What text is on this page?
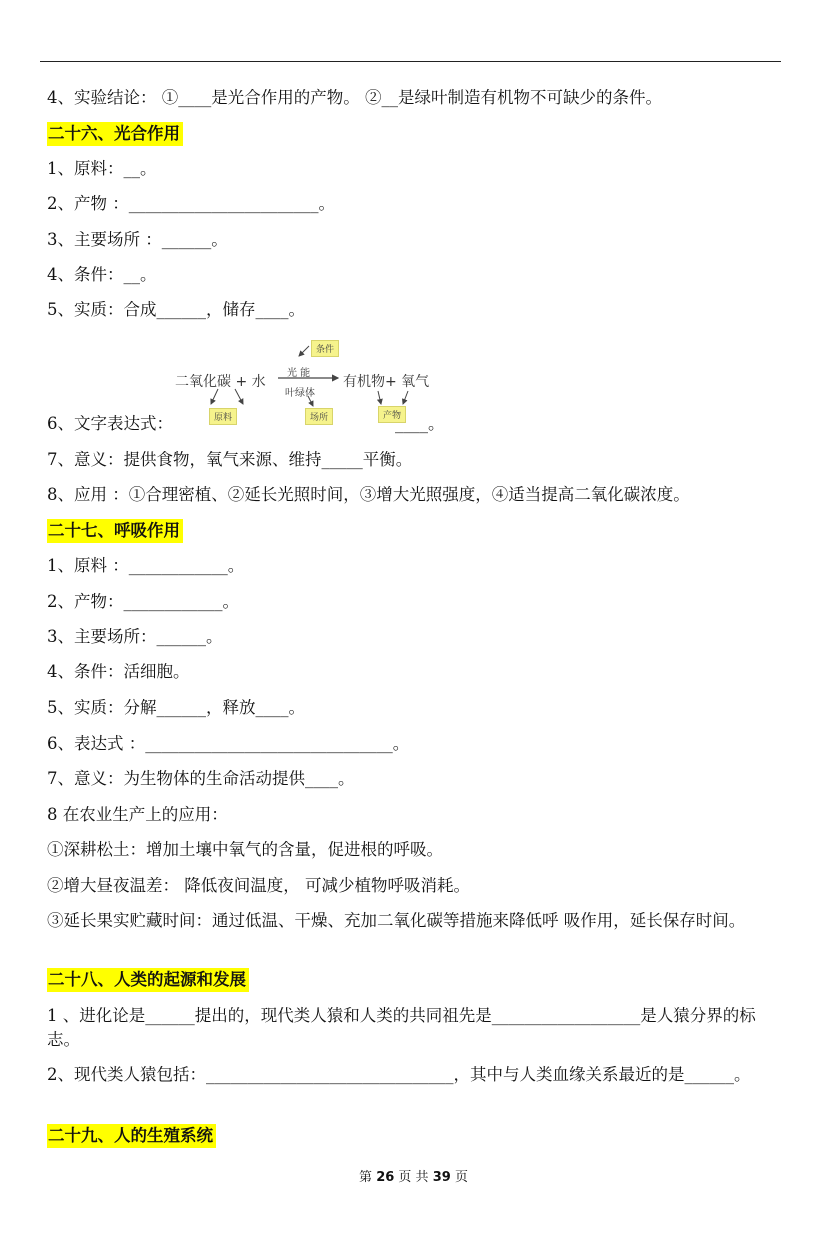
4、实验结论： ①____是光合作用的产物。 ②__是绿叶制造有机物不可缺少的条件。
二十六、光合作用
1、原料：__。
2、产物 ：_______________________。
3、主要场所 ：______。
4、条件：__。
5、实质：合成______，储存____。
条件
光 能
二氧化碳 + 水
叶绿体
有机物+ 氧气
原料	场所	产物
6、文字表达式：	____。
7、意义：提供食物，氧气来源、维持_____平衡。
8、应用 ：①合理密植、②延长光照时间，③增大光照强度，④适当提高二氧化碳浓度。
二十七、呼吸作用
1、原料 ：____________。
2、产物：____________。
3、主要场所：______。
4、条件：活细胞。
5、实质：分解______，释放____。
6、表达式 ：______________________________。
7、意义：为生物体的生命活动提供____。
8 在农业生产上的应用：
①深耕松土：增加土壤中氧气的含量，促进根的呼吸。
②增大昼夜温差： 降低夜间温度， 可减少植物呼吸消耗。
③延长果实贮藏时间：通过低温、干燥、充加二氧化碳等措施来降低呼 吸作用，延长保存时间。
二十八、人类的起源和发展
1 、进化论是______提出的，现代类人猿和人类的共同祖先是__________________是人猿分界的标志。
2、现代类人猿包括：______________________________，其中与人类血缘关系最近的是______。
二十九、人的生殖系统
第 26 页 共 39 页
